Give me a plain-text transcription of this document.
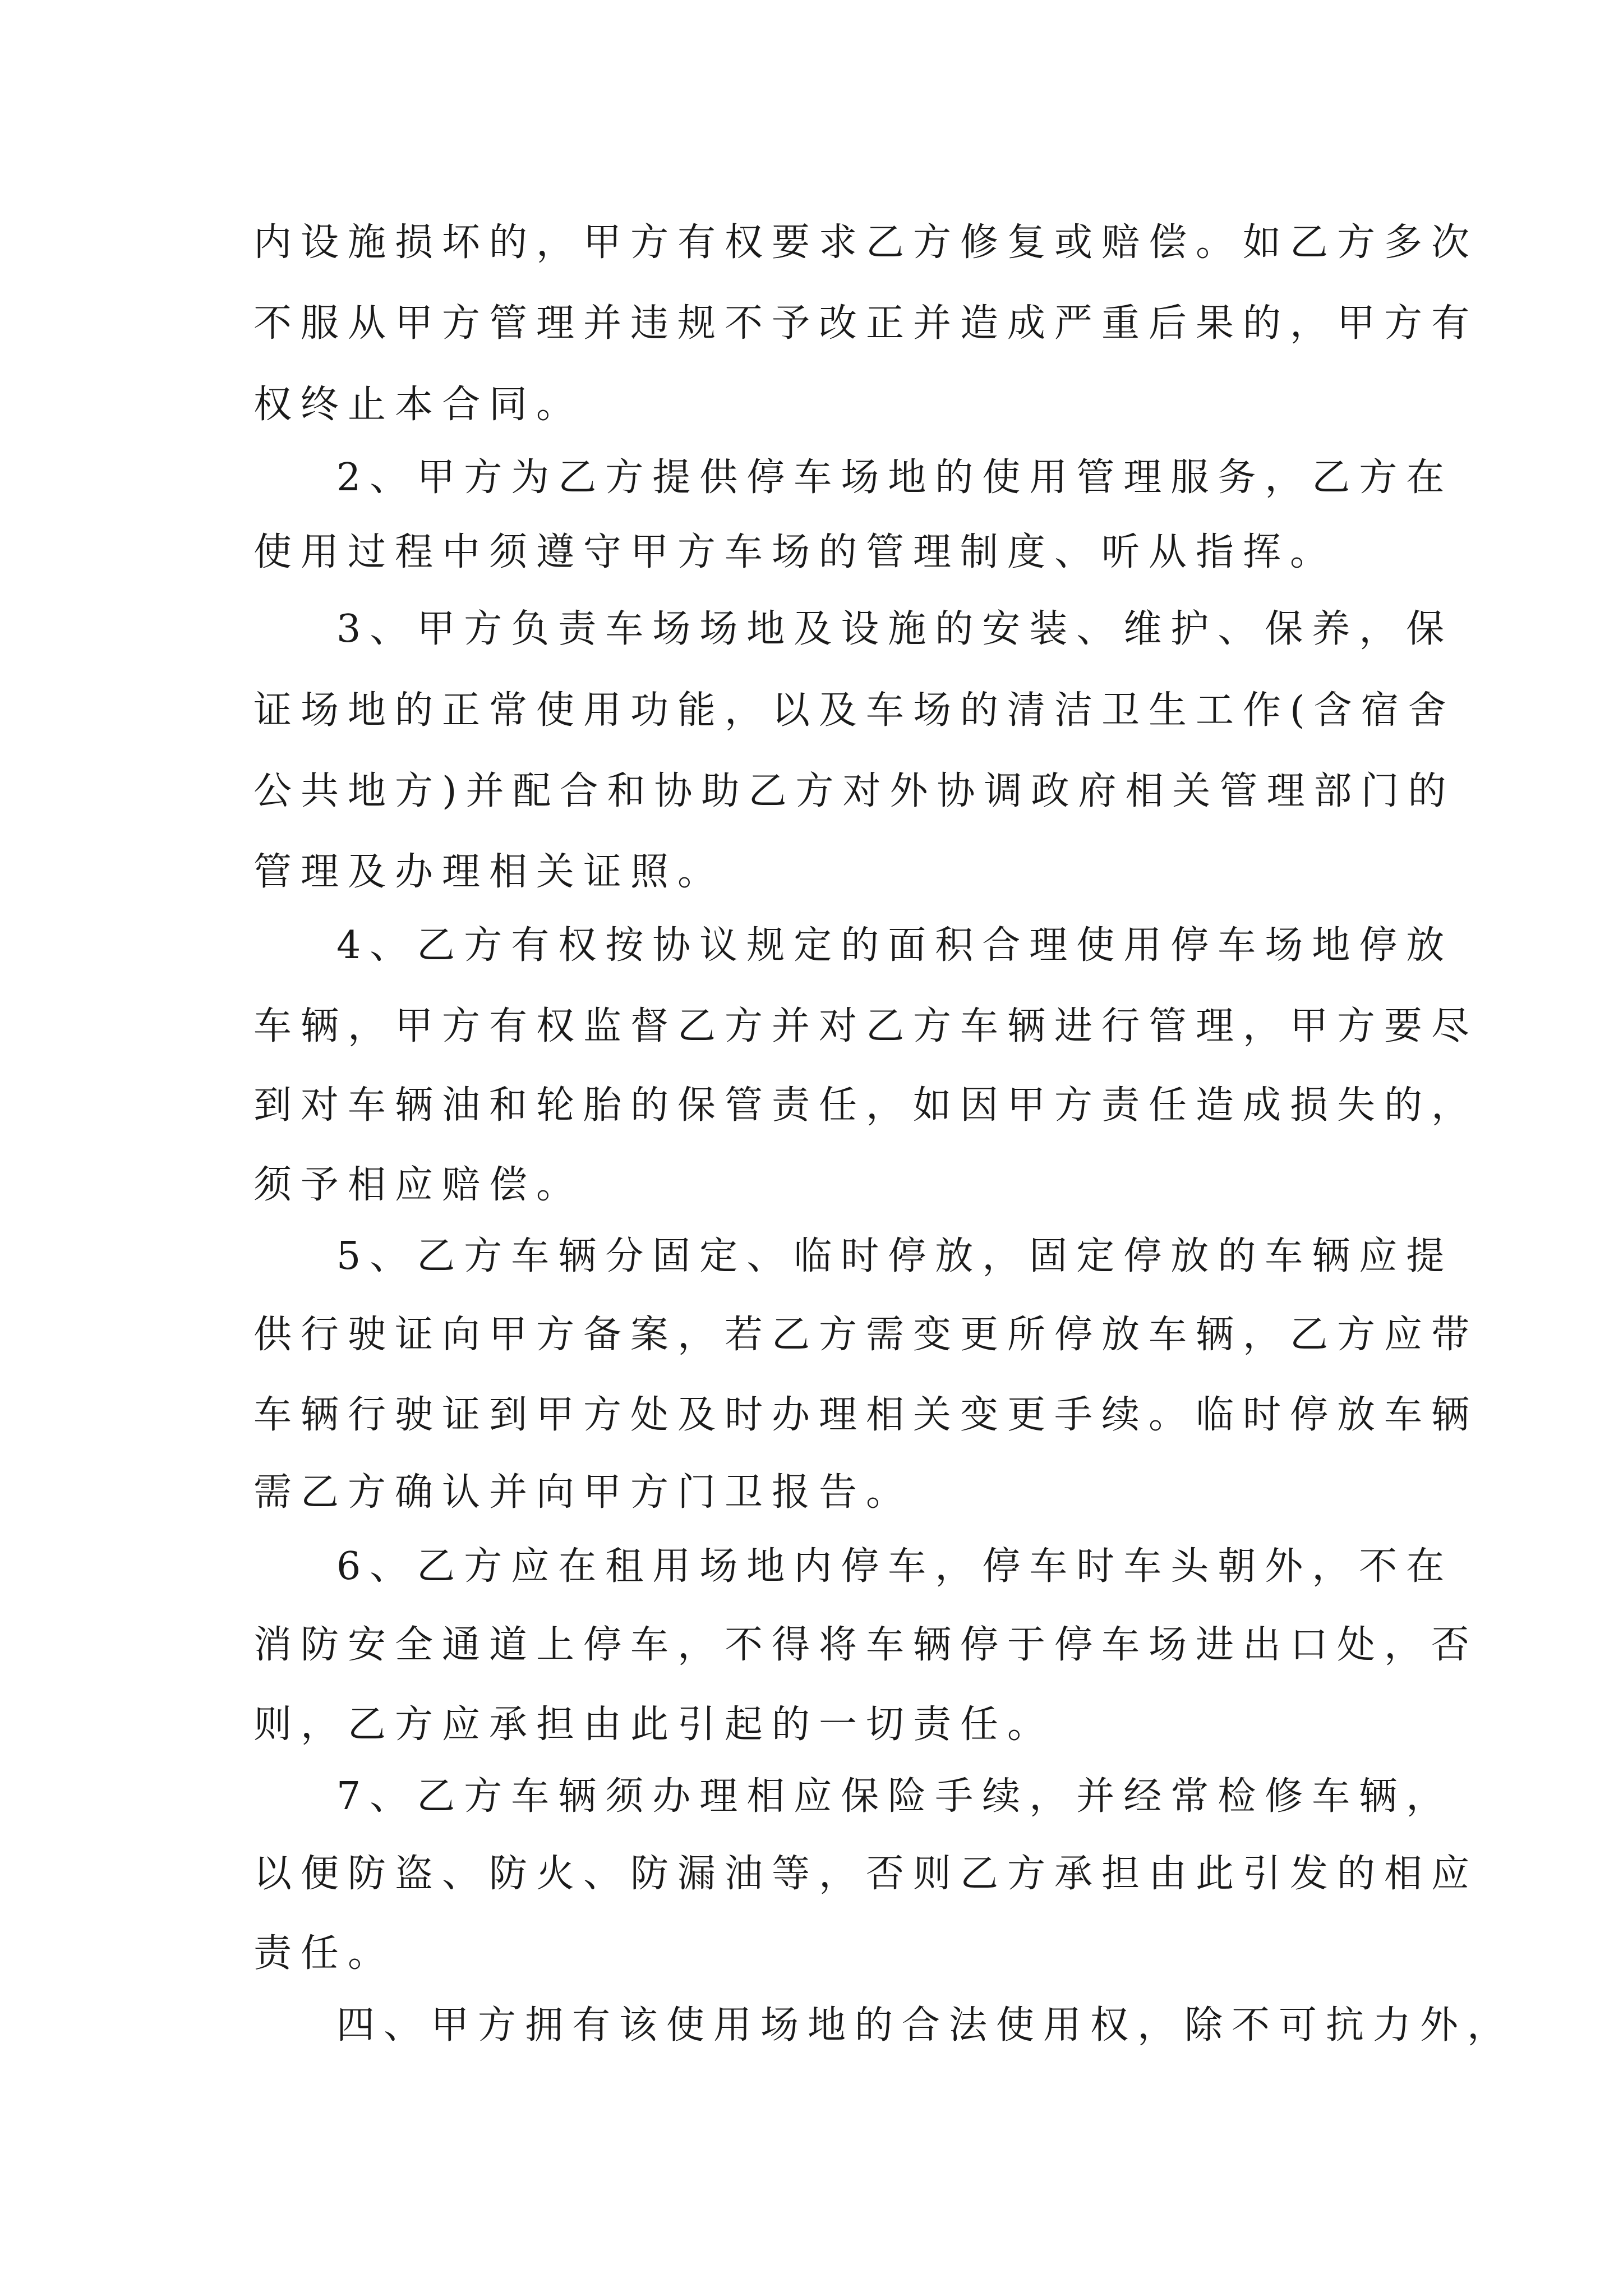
内设施损坏的，甲方有权要求乙方修复或赔偿。如乙方多次

不服从甲方管理并违规不予改正并造成严重后果的，甲方有

权终止本合同。

2、甲方为乙方提供停车场地的使用管理服务，乙方在

使用过程中须遵守甲方车场的管理制度、听从指挥。

3、甲方负责车场场地及设施的安装、维护、保养，保

证场地的正常使用功能，以及车场的清洁卫生工作(含宿舍

公共地方)并配合和协助乙方对外协调政府相关管理部门的

管理及办理相关证照。

4、乙方有权按协议规定的面积合理使用停车场地停放

车辆，甲方有权监督乙方并对乙方车辆进行管理，甲方要尽

到对车辆油和轮胎的保管责任，如因甲方责任造成损失的，

须予相应赔偿。

5、乙方车辆分固定、临时停放，固定停放的车辆应提

供行驶证向甲方备案，若乙方需变更所停放车辆，乙方应带

车辆行驶证到甲方处及时办理相关变更手续。临时停放车辆

需乙方确认并向甲方门卫报告。

6、乙方应在租用场地内停车，停车时车头朝外，不在

消防安全通道上停车，不得将车辆停于停车场进出口处，否

则，乙方应承担由此引起的一切责任。

7、乙方车辆须办理相应保险手续，并经常检修车辆，

以便防盗、防火、防漏油等，否则乙方承担由此引发的相应

责任。

四、甲方拥有该使用场地的合法使用权，除不可抗力外，
